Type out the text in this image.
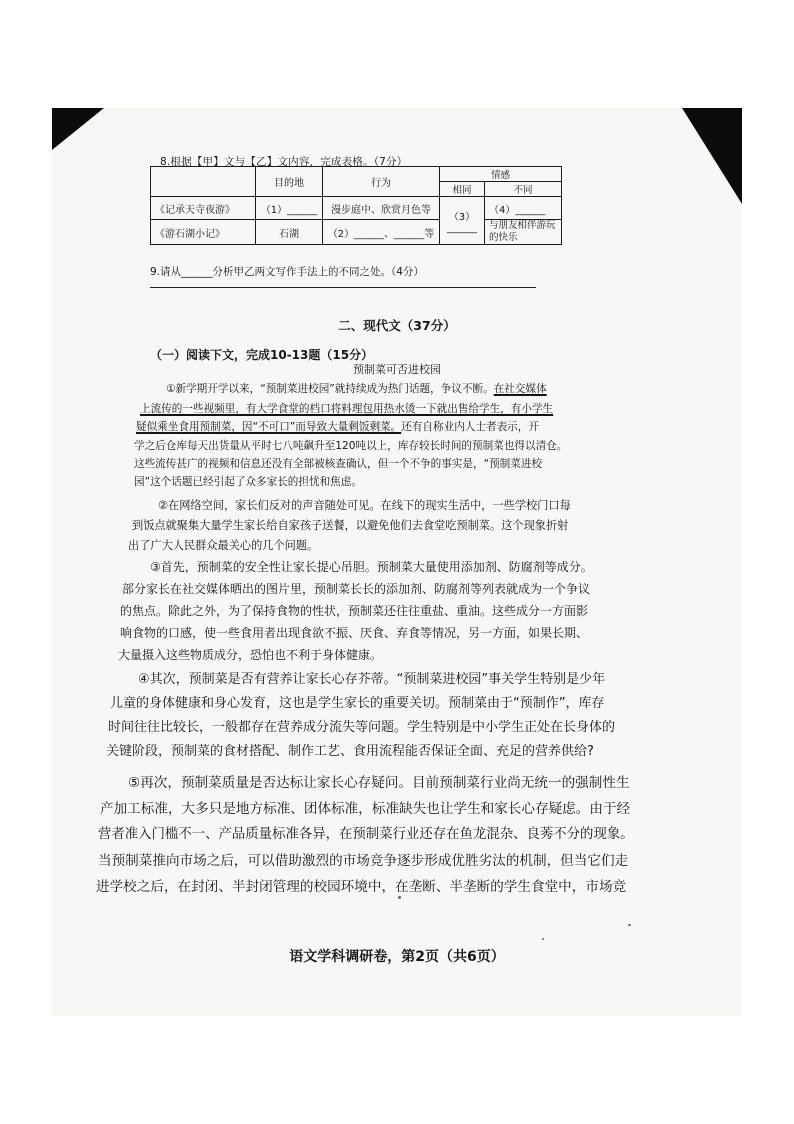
8.根据【甲】文与【乙】文内容，完成表格。（7分）
	目的地	行为	情感	
			相同	不同
《记承天寺夜游》	（1）______	漫步庭中、欣赏月色等	（3）______	（4）______
《游石湖小记》	石湖	（2）______、______等		与朋友相伴游玩的快乐
9.请从______分析甲乙两文写作手法上的不同之处。（4分）
二、现代文（37分）
（一）阅读下文，完成10-13题（15分）
预制菜可否进校园
①新学期开学以来，“预制菜进校园”就持续成为热门话题，争议不断。在社交媒体
上流传的一些视频里，有大学食堂的档口将料理包用热水烫一下就出售给学生，有小学生
疑似乘坐食用预制菜，因“不可口”而导致大量剩饭剩菜。还有自称业内人士者表示，开
学之后仓库每天出货量从平时七八吨飙升至120吨以上，库存较长时间的预制菜也得以清仓。
这些流传甚广的视频和信息还没有全部被核查确认，但一个不争的事实是，“预制菜进校
园”这个话题已经引起了众多家长的担忧和焦虑。
②在网络空间，家长们反对的声音随处可见。在线下的现实生活中，一些学校门口每
到饭点就聚集大量学生家长给自家孩子送餐，以避免他们去食堂吃预制菜。这个现象折射
出了广大人民群众最关心的几个问题。
③首先，预制菜的安全性让家长提心吊胆。预制菜大量使用添加剂、防腐剂等成分。
部分家长在社交媒体晒出的图片里，预制菜长长的添加剂、防腐剂等列表就成为一个争议
的焦点。除此之外，为了保持食物的性状，预制菜还往往重盐、重油。这些成分一方面影
响食物的口感，使一些食用者出现食欲不振、厌食、弃食等情况，另一方面，如果长期、
大量摄入这些物质成分，恐怕也不利于身体健康。
④其次，预制菜是否有营养让家长心存芥蒂。“预制菜进校园”事关学生特别是少年
儿童的身体健康和身心发育，这也是学生家长的重要关切。预制菜由于“预制作”，库存
时间往往比较长，一般都存在营养成分流失等问题。学生特别是中小学生正处在长身体的
关键阶段，预制菜的食材搭配、制作工艺、食用流程能否保证全面、充足的营养供给?
⑤再次，预制菜质量是否达标让家长心存疑问。目前预制菜行业尚无统一的强制性生
产加工标准，大多只是地方标准、团体标准，标准缺失也让学生和家长心存疑虑。由于经
营者准入门槛不一、产品质量标准各异，在预制菜行业还存在鱼龙混杂、良莠不分的现象。
当预制菜推向市场之后，可以借助激烈的市场竞争逐步形成优胜劣汰的机制，但当它们走
进学校之后，在封闭、半封闭管理的校园环境中，在垄断、半垄断的学生食堂中，市场竞
语文学科调研卷，第2页（共6页）
